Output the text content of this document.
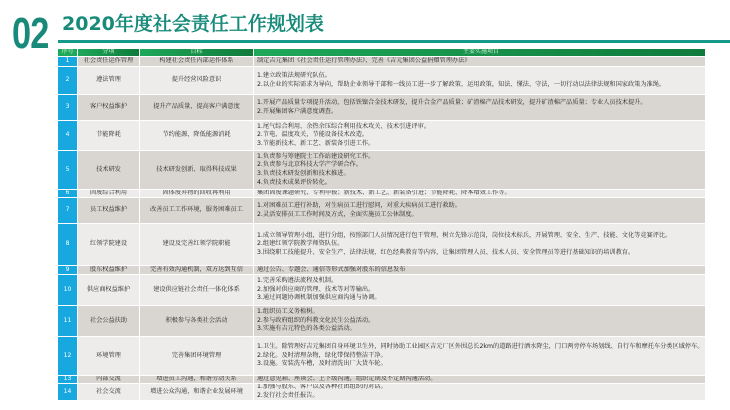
02 2020年度社会责任工作规划表
序号	分项	目标	主要实施项目
1	社会责任运作管理	构建社会责任内部运作体系	制定吉元集团《社会责任运行管理办法》、完善《吉元集团公益捐赠管理办法》
2	遵法管理	提升经营风险意识
1.建立政策法规研究队伍。
2.以企业的实际需求为导向，帮助企业领导干部和一线员工进一步了解政策、运用政策，知法、懂法、守法，一切行动以法律法规和国家政策为准绳。
3	客户权益维护	提升产品质量，提高客户满意度
1.开展产品质量专项提升活动，包括铁镍合金技术研发，提升合金产品质量；矿渣棉产品技术研发，提升矿渣棉产品质量；专业人员技术提升。
2.开展集团客户满意度调查。
4	节能降耗	节约能源，降低能源消耗
1.尾气综合利用、余热余压综合利用技术攻关、技术引进评审。
2.节电、温度攻关，节能设备技术改造。
3.节能新技术、新工艺、新装备引进工作。
5	技术研发	技术研发创新、取得科技成果
1.负责参与筹建院士工作站建设研究工作。
2.负责参与北京科技大学产学研合作。
3.负责技术研发创新和技术推进。
4.负责技术成果评价转化。
6	固废综合利用	固体废弃物的回收再利用	集团固废课题研究、专利申报；新技术、新工艺、新装备引进；节能降耗、降本增效工作等。
7	员工权益维护	改善员工工作环境，服务困难员工
1.对困难员工进行补助，对生病员工进行慰问，对重大疾病员工进行救助。
2.灵活安排员工工作时间及方式，全面实施员工公休制度。
8	红领学院建设	建设及完善红领学院职能
1.成立领导管理小组，进行分组，按照部门人员情况进行包干管理，树立先锋示范岗，岗位技术标兵，开展管理、安全、生产、技能、文化等竞赛评比。
2.组建红领学院教学师资队伍。
3.围绕职工技能提升、安全生产、法律法规、红色经典教育等内容，让集团管理人员、技术人员、安全管理员等进行基础知识的培训教育。
9	股东权益维护	完善有效沟通机制，双方达到互信	通过公告、专题会、通信等形式加强对股东的信息发布
10	供应商权益维护	建设供应链社会责任一体化体系
1.完善采购遵法流程及机制。
2.加强对供应商的管理、技术等对等输出。
3.通过问题协调机制加强供应商沟通与协调。
11	社会公益扶助	积极参与各类社会活动
1.组织员工义务植树。
2.参与政府组织的科教文化民生公益活动。
3.实施有吉元特色的各类公益活动。
12	环境管理	完善集团环境管理
1.卫生。除管理好吉元集团自身环境卫生外，同时协助工业园区吉元厂区外围总长2km的道路进行洒水降尘，门口两旁停车场划线、自行车和摩托车分类区域停车。
2.绿化。及时清理杂物，绿化带保持整洁干净。
3.设施。安装洗车槽，及时清洗出厂大货车轮。
13	内部交流	增进员工沟通，和谐劳动关系	通过意见箱、座谈会、上下级沟通，组织定期及不定期沟通活动。
14	社会交流	增进公众沟通，和谐企业发展环境
1.加强与股东、客户以及各种社团组织的对话。
2.发行社会责任报告。
